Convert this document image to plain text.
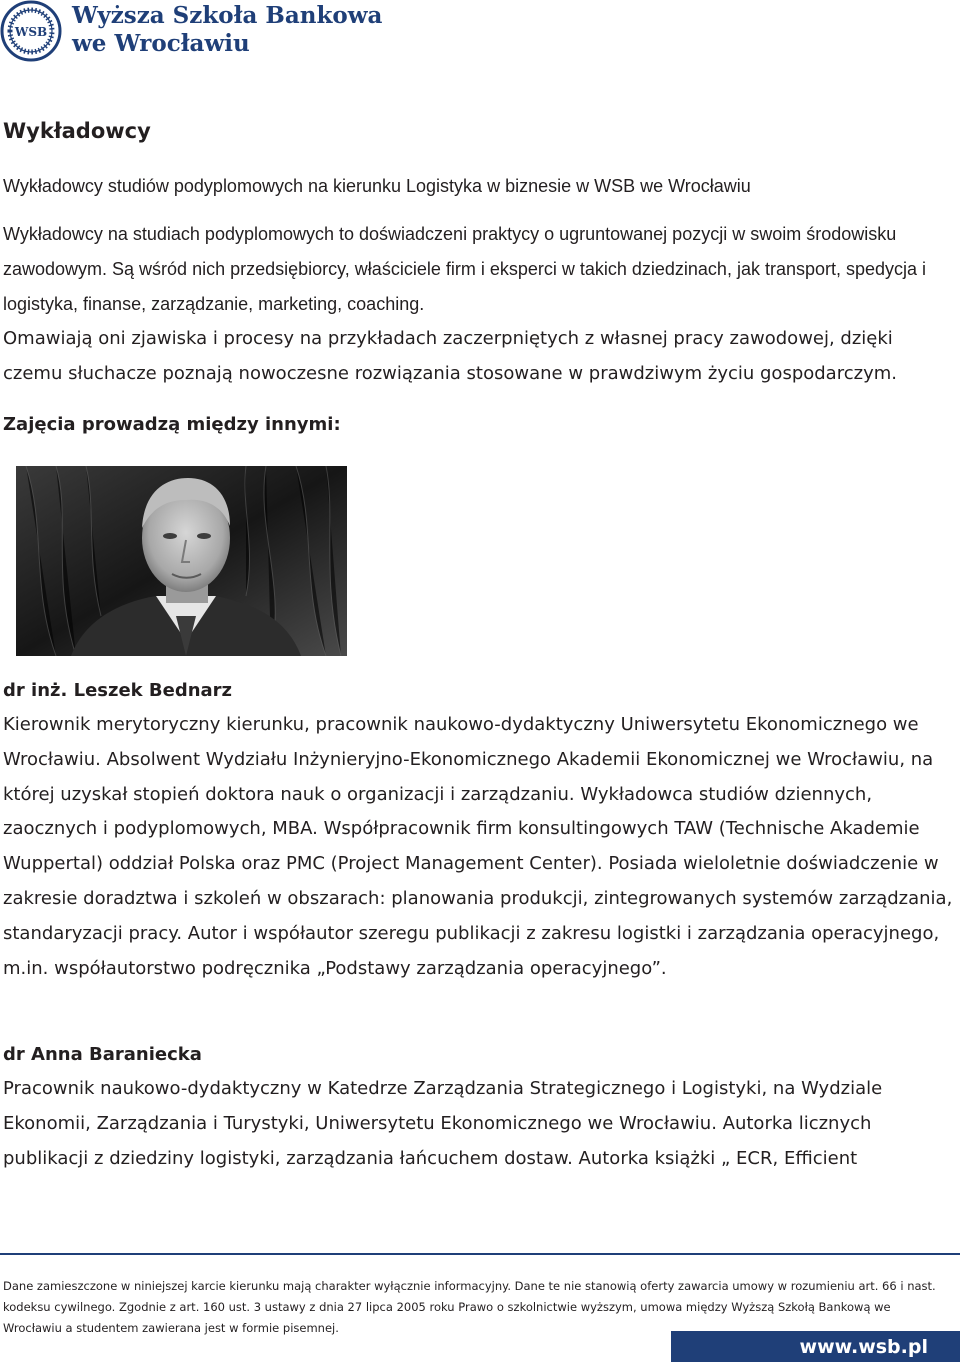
WSB
Wyższa Szkoła Bankowa
we Wrocławiu
Wykładowcy

Wykładowcy studiów podyplomowych na kierunku Logistyka w biznesie w WSB we Wrocławiu

Wykładowcy na studiach podyplomowych to doświadczeni praktycy o ugruntowanej pozycji w swoim środowisku zawodowym. Są wśród nich przedsiębiorcy, właściciele firm i eksperci w takich dziedzinach, jak transport, spedycja i logistyka, finanse, zarządzanie, marketing, coaching.

Omawiają oni zjawiska i procesy na przykładach zaczerpniętych z własnej pracy zawodowej, dzięki czemu słuchacze poznają nowoczesne rozwiązania stosowane w prawdziwym życiu gospodarczym.

Zajęcia prowadzą między innymi:
dr inż. Leszek Bednarz

Kierownik merytoryczny kierunku, pracownik naukowo-dydaktyczny Uniwersytetu Ekonomicznego we Wrocławiu. Absolwent Wydziału Inżynieryjno-Ekonomicznego Akademii Ekonomicznej we Wrocławiu, na której uzyskał stopień doktora nauk o organizacji i zarządzaniu. Wykładowca studiów dziennych, zaocznych i podyplomowych, MBA. Współpracownik firm konsultingowych TAW (Technische Akademie Wuppertal) oddział Polska oraz PMC (Project Management Center). Posiada wieloletnie doświadczenie w zakresie doradztwa i szkoleń w obszarach: planowania produkcji, zintegrowanych systemów zarządzania, standaryzacji pracy. Autor i współautor szeregu publikacji z zakresu logistki i zarządzania operacyjnego, m.in. współautorstwo podręcznika „Podstawy zarządzania operacyjnego”.

dr Anna Baraniecka

Pracownik naukowo-dydaktyczny w Katedrze Zarządzania Strategicznego i Logistyki, na Wydziale Ekonomii, Zarządzania i Turystyki, Uniwersytetu Ekonomicznego we Wrocławiu. Autorka licznych publikacji z dziedziny logistyki, zarządzania łańcuchem dostaw. Autorka książki „ ECR, Efficient

Dane zamieszczone w niniejszej karcie kierunku mają charakter wyłącznie informacyjny. Dane te nie stanowią oferty zawarcia umowy w rozumieniu art. 66 i nast. kodeksu cywilnego. Zgodnie z art. 160 ust. 3 ustawy z dnia 27 lipca 2005 roku Prawo o szkolnictwie wyższym, umowa między Wyższą Szkołą Bankową we Wrocławiu a studentem zawierana jest w formie pisemnej.

www.wsb.pl
